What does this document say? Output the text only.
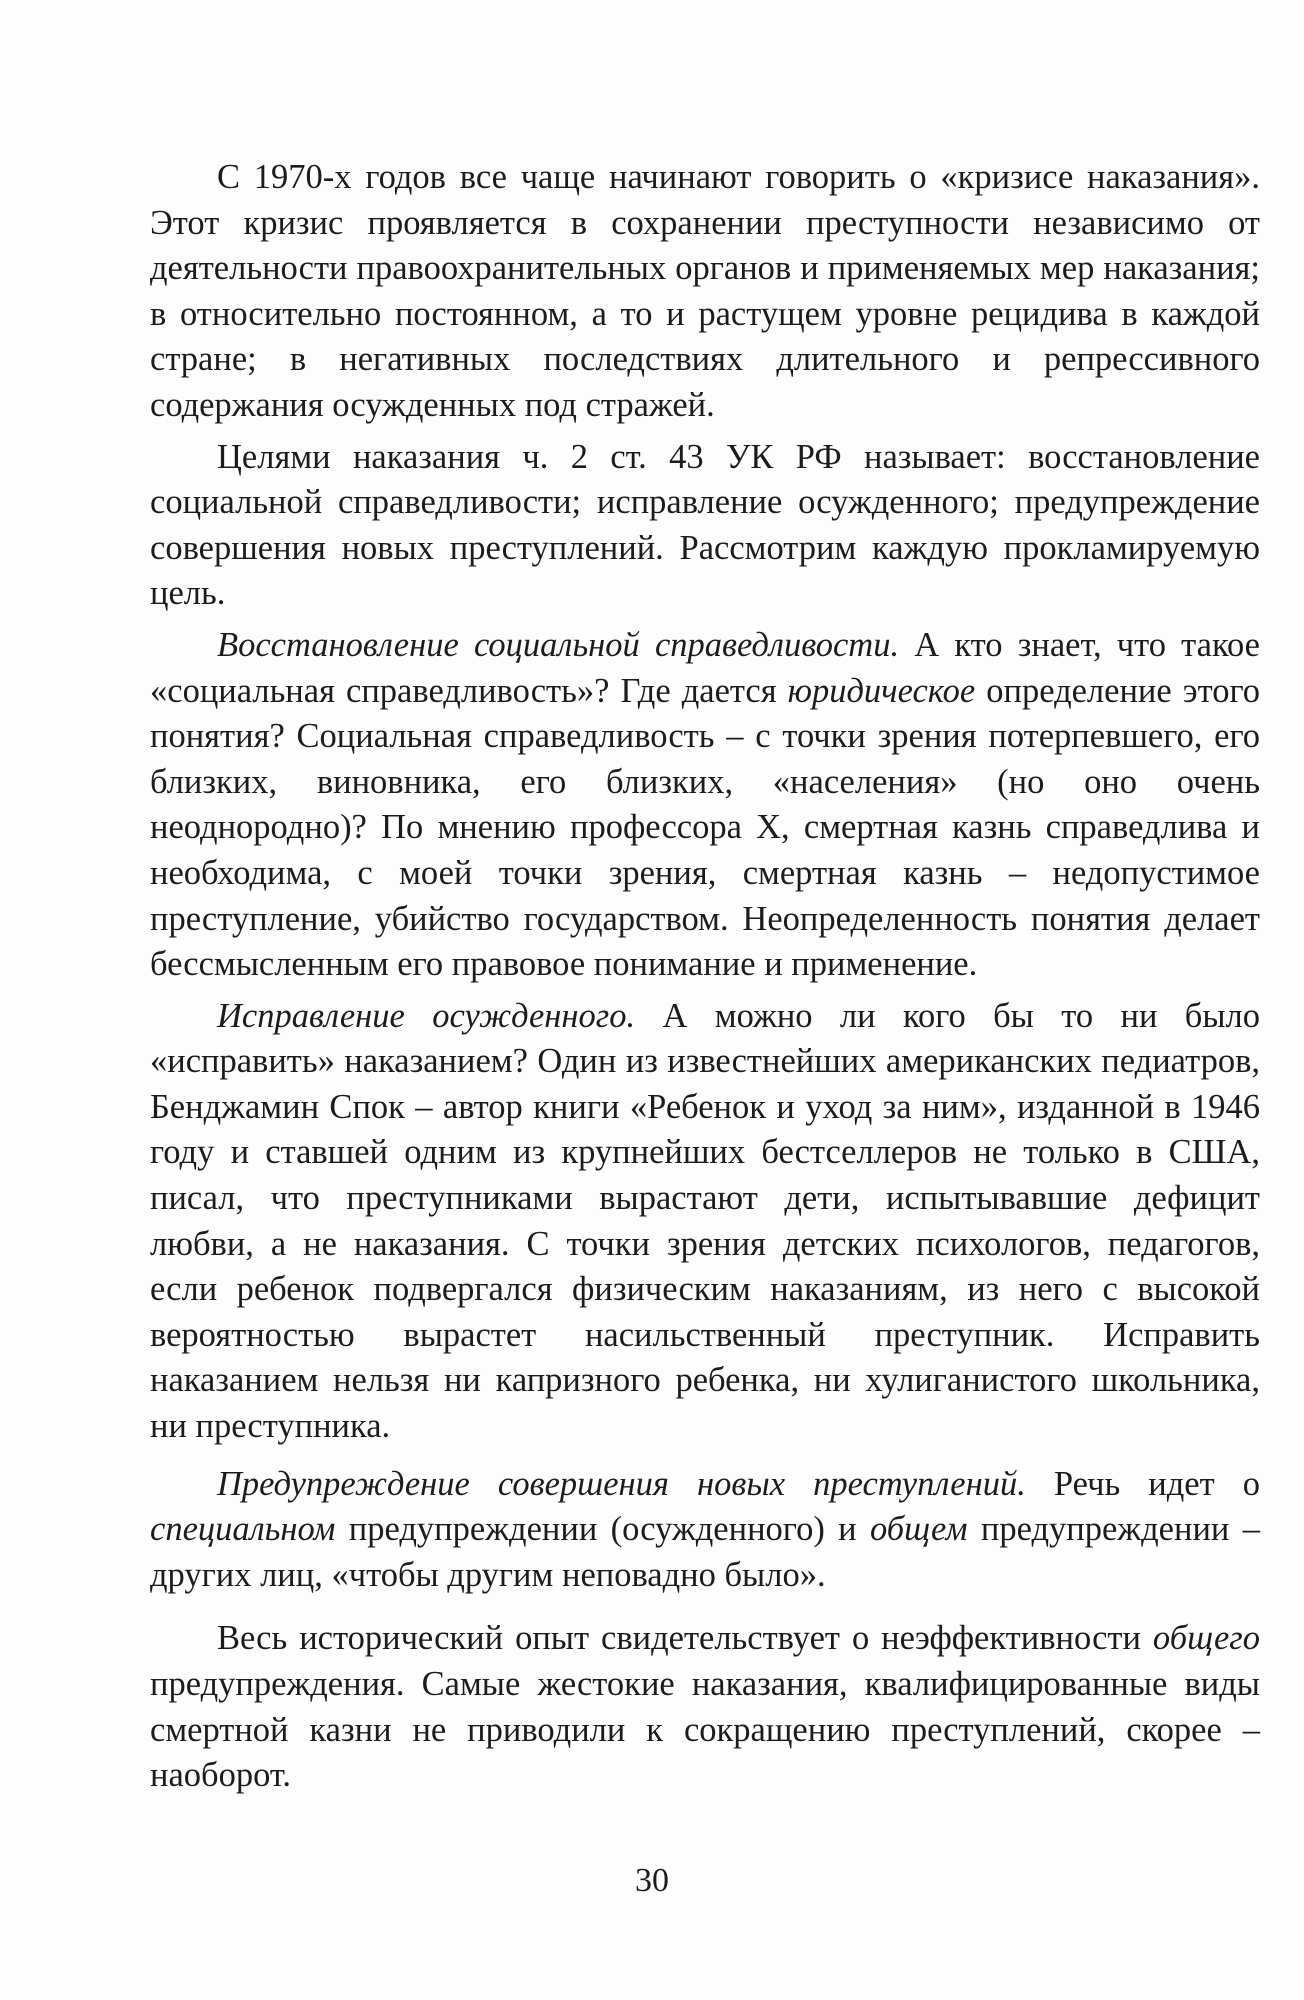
С 1970-х годов все чаще начинают говорить о «кризисе наказания». Этот кризис проявляется в сохранении преступности независимо от деятельности правоохранительных органов и применяемых мер наказания; в относительно постоянном, а то и растущем уровне рецидива в каждой стране; в негативных последствиях длительного и репрессивного содержания осужденных под стражей.

Целями наказания ч. 2 ст. 43 УК РФ называет: восстановление социальной справедливости; исправление осужденного; предупреждение совершения новых преступлений. Рассмотрим каждую прокламируемую цель.

Восстановление социальной справедливости. А кто знает, что такое «социальная справедливость»? Где дается юридическое определение этого понятия? Социальная справедливость – с точки зрения потерпевшего, его близких, виновника, его близких, «населения» (но оно очень неоднородно)? По мнению профессора X, смертная казнь справедлива и необходима, с моей точки зрения, смертная казнь – недопустимое преступление, убийство государством. Неопределенность понятия делает бессмысленным его правовое понимание и применение.

Исправление осужденного. А можно ли кого бы то ни было «исправить» наказанием? Один из известнейших американских педиатров, Бенджамин Спок – автор книги «Ребенок и уход за ним», изданной в 1946 году и ставшей одним из крупнейших бестселлеров не только в США, писал, что преступниками вырастают дети, испытывавшие дефицит любви, а не наказания. С точки зрения детских психологов, педагогов, если ребенок подвергался физическим наказаниям, из него с высокой вероятностью вырастет насильственный преступник. Исправить наказанием нельзя ни капризного ребенка, ни хулиганистого школьника, ни преступника.

Предупреждение совершения новых преступлений. Речь идет о специальном предупреждении (осужденного) и общем предупреждении –других лиц, «чтобы другим неповадно было».

Весь исторический опыт свидетельствует о неэффективности общего предупреждения. Самые жестокие наказания, квалифицированные виды смертной казни не приводили к сокращению преступлений, скорее – наоборот.

30
